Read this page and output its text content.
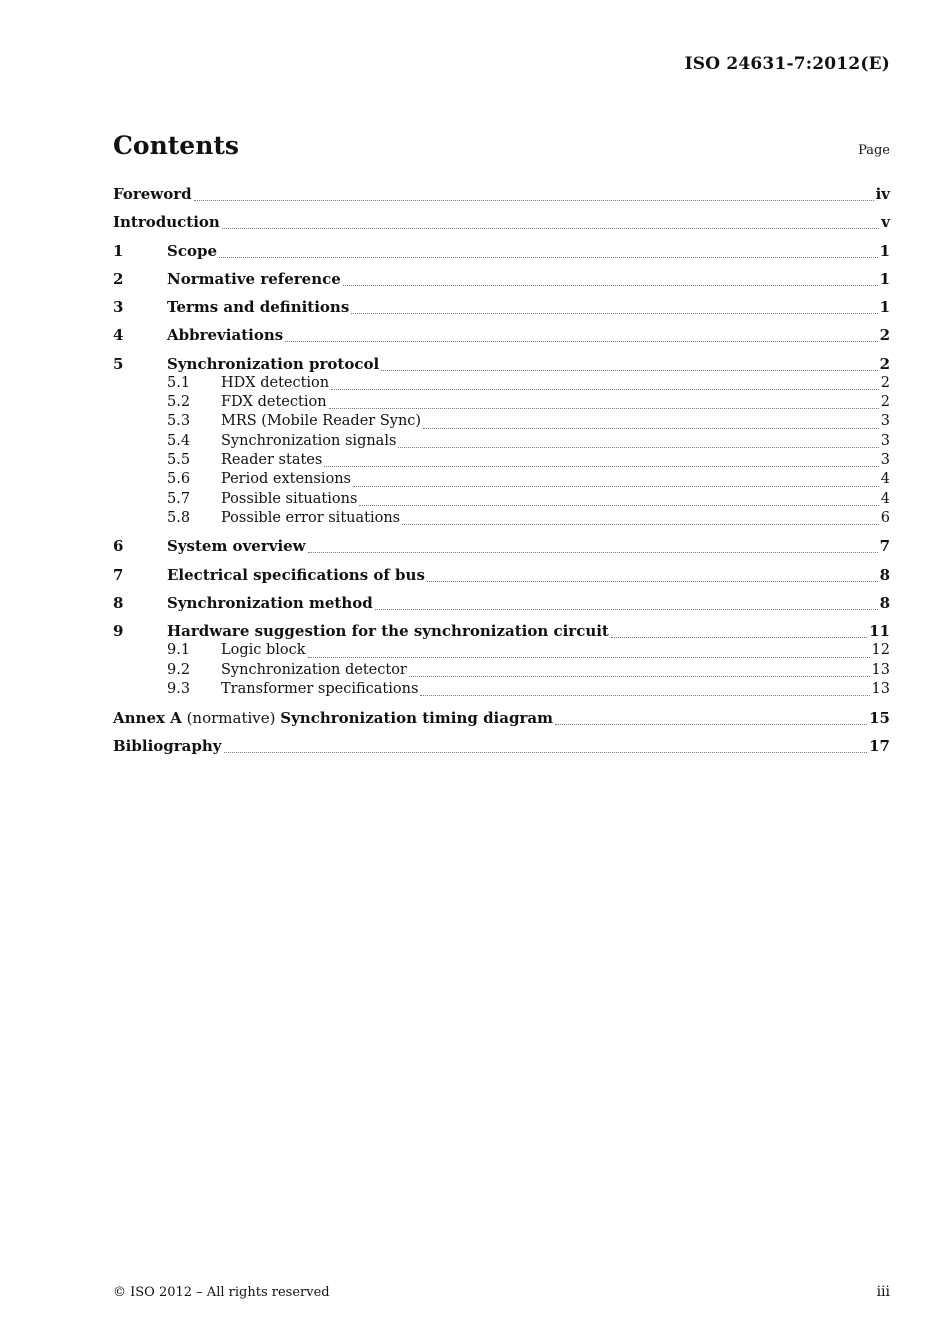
ISO 24631-7:2012(E)
Contents	Page
Foreword	iv
Introduction	v
1	Scope	1
2	Normative reference	1
3	Terms and definitions	1
4	Abbreviations	2
5	Synchronization protocol	2
5.1	HDX detection	2
5.2	FDX detection	2
5.3	MRS (Mobile Reader Sync)	3
5.4	Synchronization signals	3
5.5	Reader states	3
5.6	Period extensions	4
5.7	Possible situations	4
5.8	Possible error situations	6
6	System overview	7
7	Electrical specifications of bus	8
8	Synchronization method	8
9	Hardware suggestion for the synchronization circuit	11
9.1	Logic block	12
9.2	Synchronization detector	13
9.3	Transformer specifications	13
Annex A (normative) Synchronization timing diagram	15
Bibliography	17
© ISO 2012 – All rights reserved	iii
